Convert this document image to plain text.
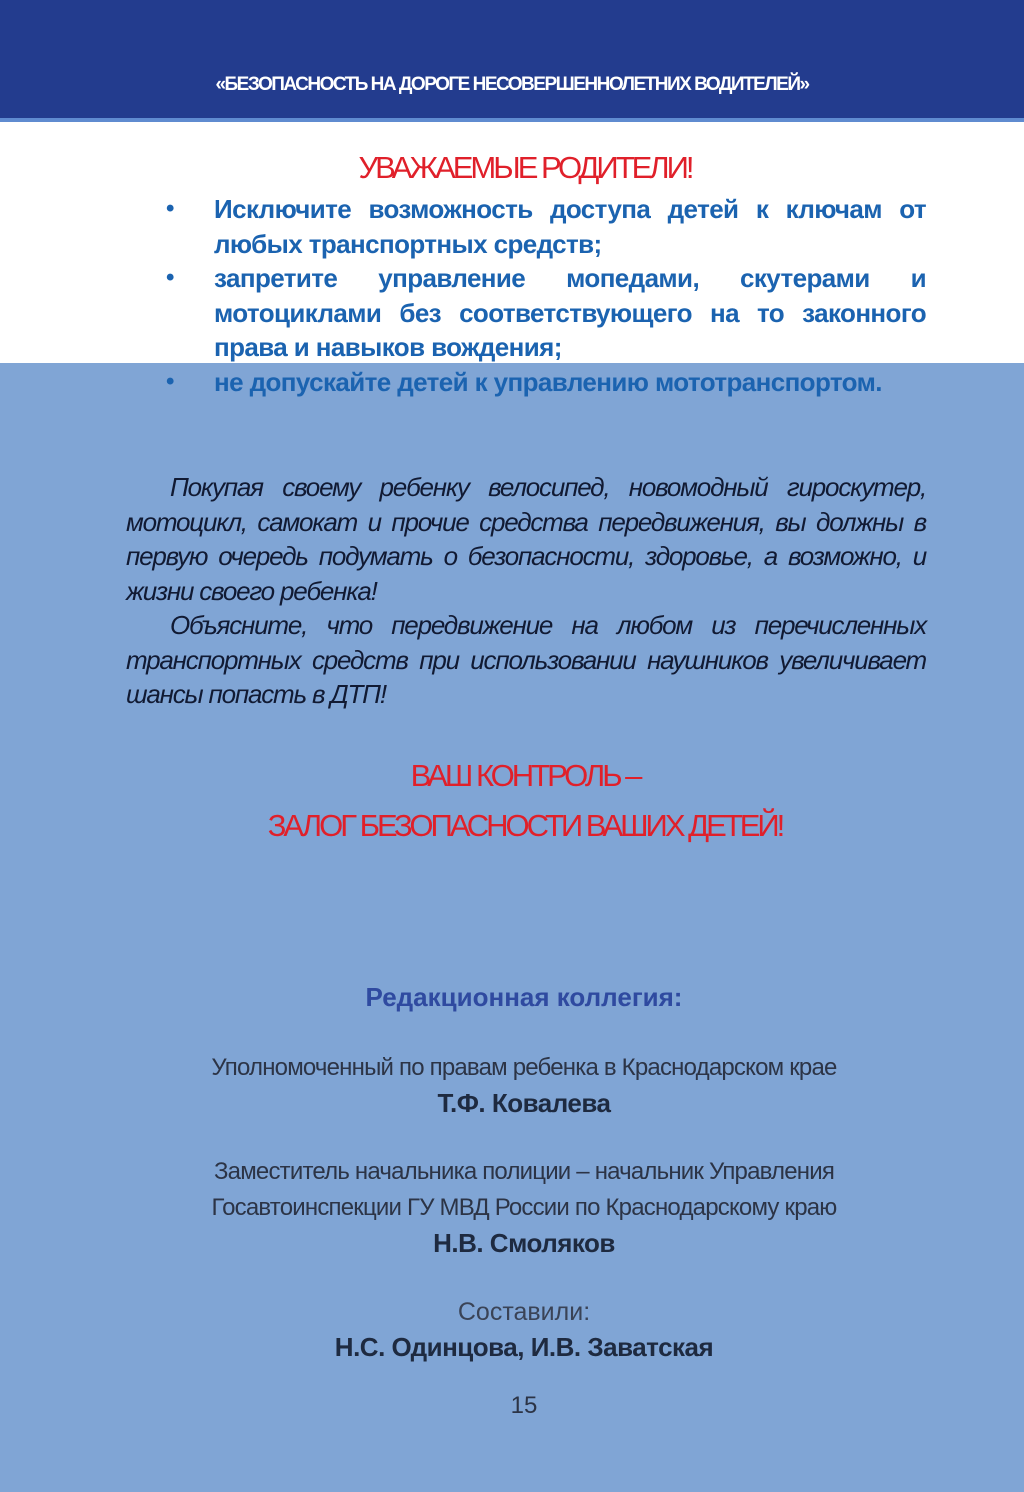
«БЕЗОПАСНОСТЬ НА ДОРОГЕ НЕСОВЕРШЕННОЛЕТНИХ ВОДИТЕЛЕЙ»
УВАЖАЕМЫЕ РОДИТЕЛИ!
• Исключите возможность доступа детей к ключам от любых транспортных средств;
• запретите управление мопедами, скутерами и мотоциклами без соответствующего на то законного права и навыков вождения;
• не допускайте детей к управлению мототранспортом.

Покупая своему ребенку велосипед, новомодный гироскутер, мотоцикл, самокат и прочие средства передвижения, вы должны в первую очередь подумать о безопасности, здоровье, а возможно, и жизни своего ребенка!

Объясните, что передвижение на любом из перечисленных транспортных средств при использовании наушников увеличивает шансы попасть в ДТП!

ВАШ КОНТРОЛЬ –
ЗАЛОГ БЕЗОПАСНОСТИ ВАШИХ ДЕТЕЙ!
Редакционная коллегия:
Уполномоченный по правам ребенка в Краснодарском крае
Т.Ф. Ковалева
Заместитель начальника полиции – начальник Управления
Госавтоинспекции ГУ МВД России по Краснодарскому краю
Н.В. Смоляков
Составили:
Н.С. Одинцова, И.В. Заватская
15
